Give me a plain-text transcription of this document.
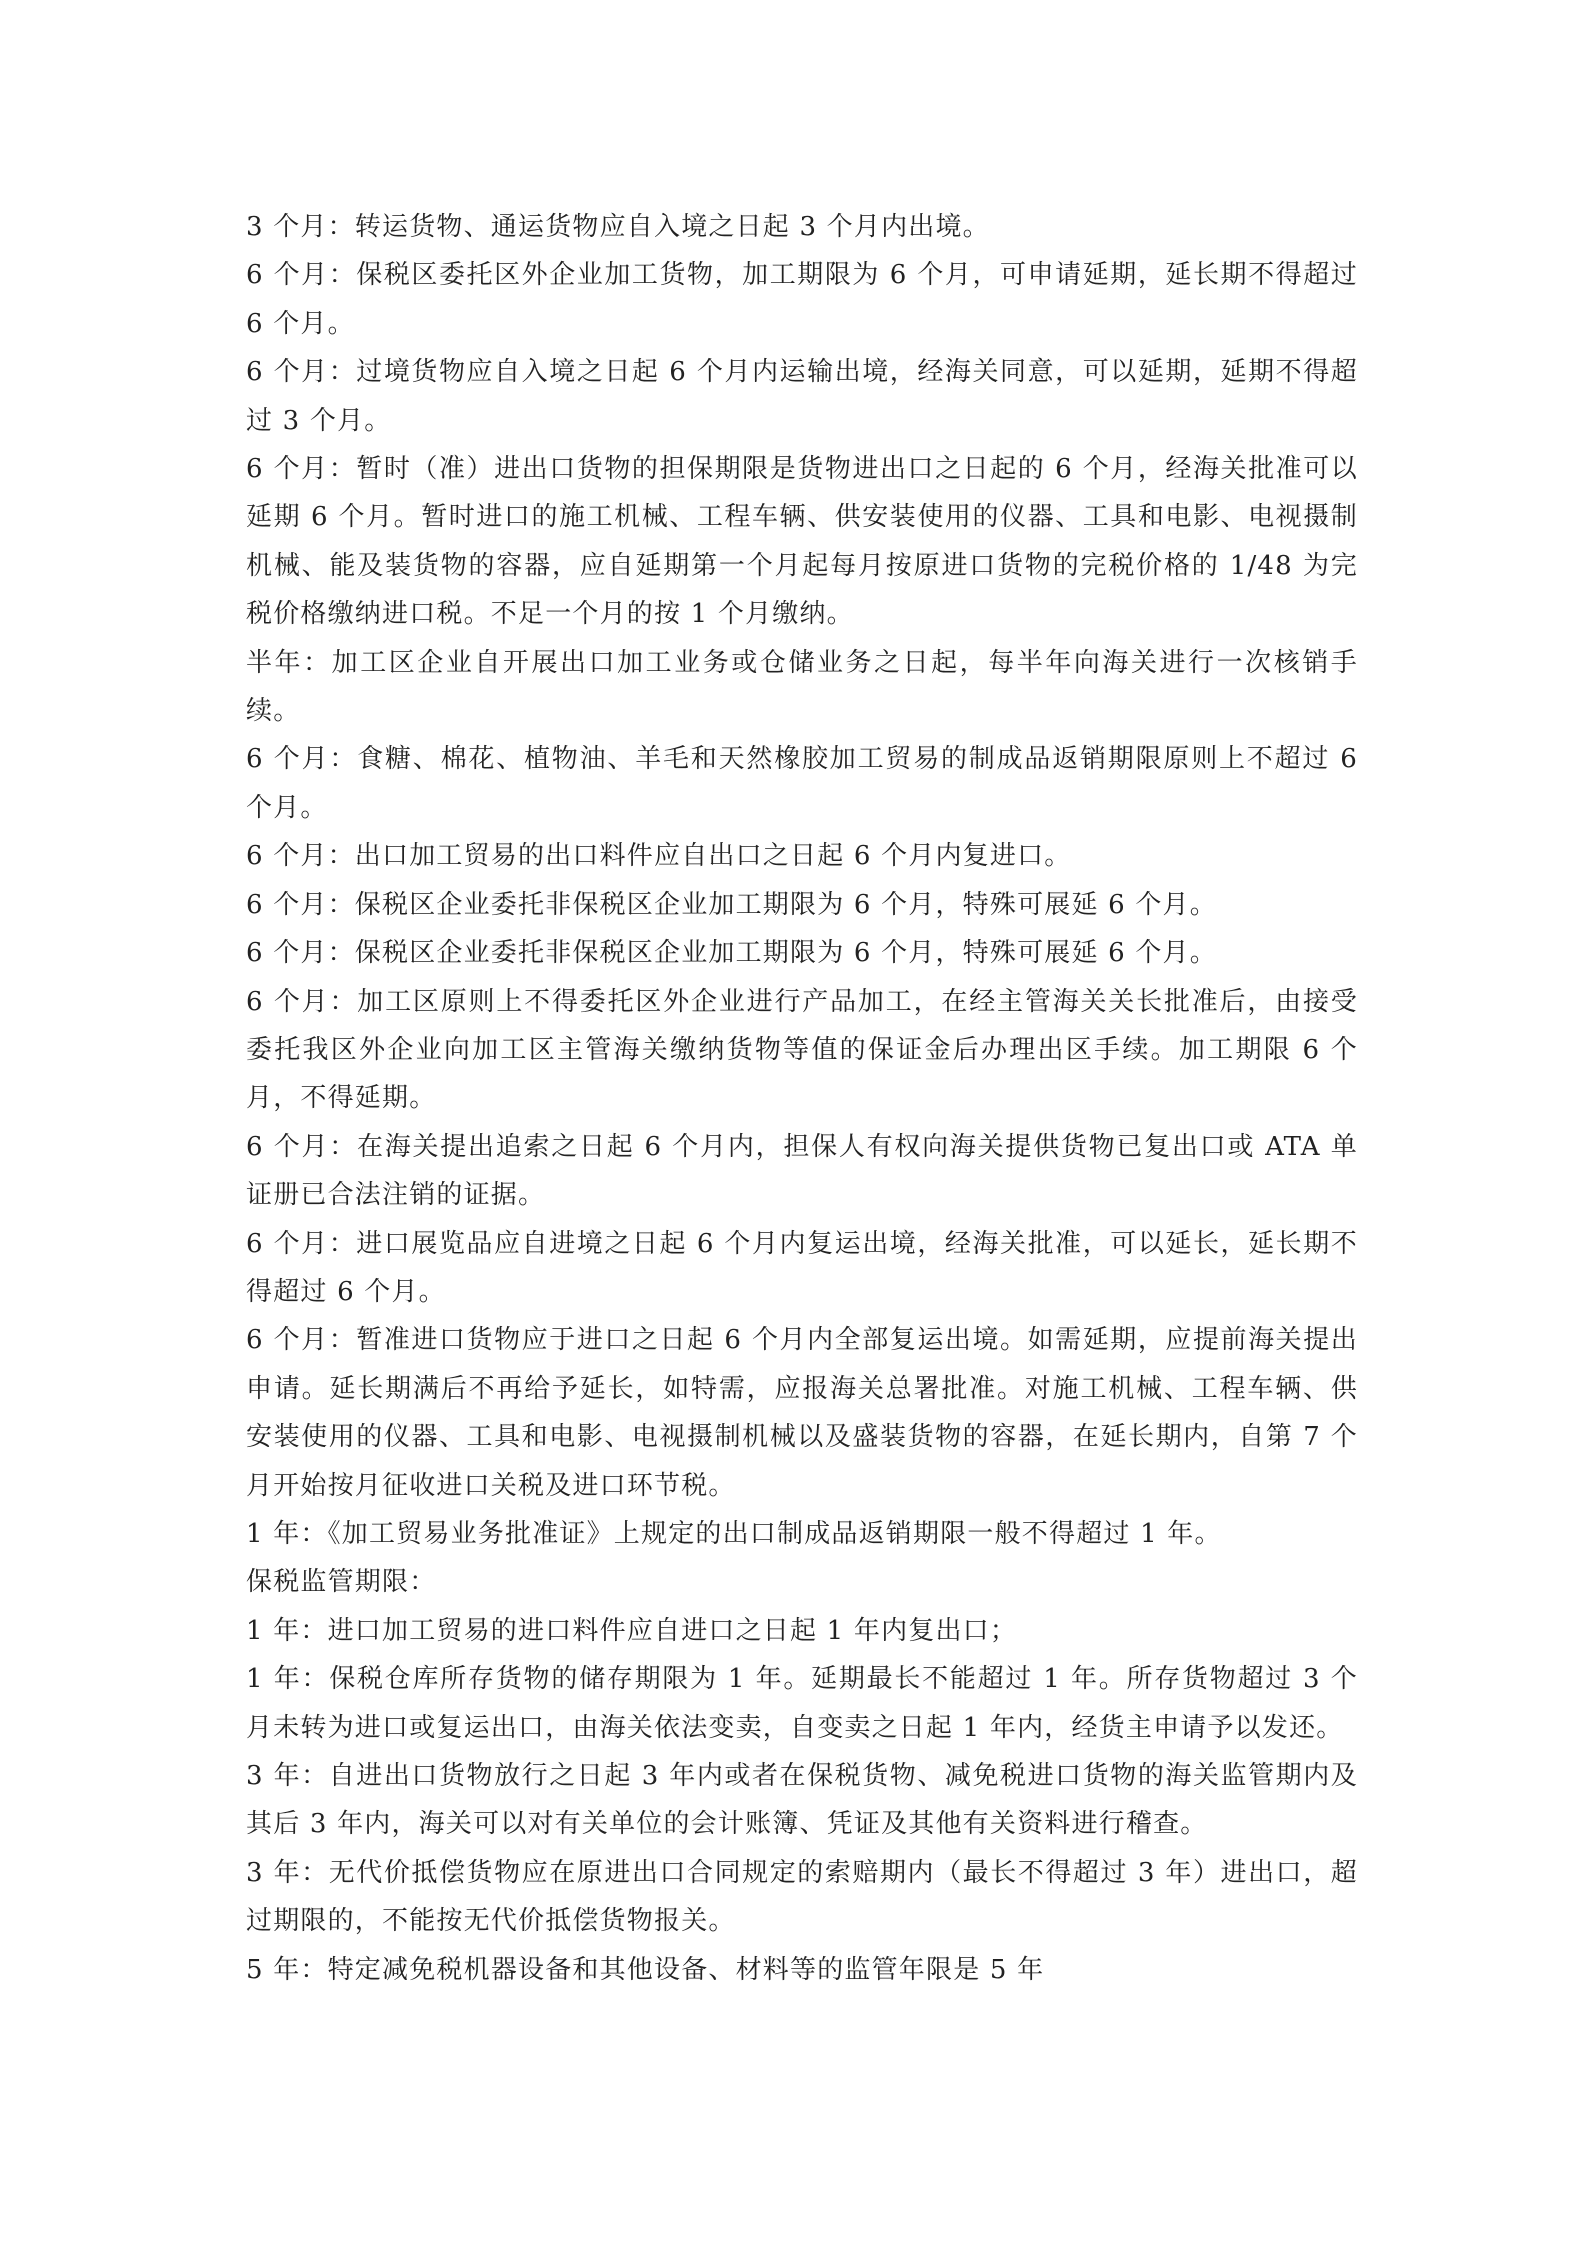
3 个月：转运货物、通运货物应自入境之日起 3 个月内出境。

6 个月：保税区委托区外企业加工货物，加工期限为 6 个月，可申请延期，延长期不得超过 6 个月。

6 个月：过境货物应自入境之日起 6 个月内运输出境，经海关同意，可以延期，延期不得超过 3 个月。

6 个月：暂时（准）进出口货物的担保期限是货物进出口之日起的 6 个月，经海关批准可以延期 6 个月。暂时进口的施工机械、工程车辆、供安装使用的仪器、工具和电影、电视摄制机械、能及装货物的容器，应自延期第一个月起每月按原进口货物的完税价格的 1/48 为完税价格缴纳进口税。不足一个月的按 1 个月缴纳。

半年：加工区企业自开展出口加工业务或仓储业务之日起，每半年向海关进行一次核销手续。

6 个月：食糖、棉花、植物油、羊毛和天然橡胶加工贸易的制成品返销期限原则上不超过 6 个月。

6 个月：出口加工贸易的出口料件应自出口之日起 6 个月内复进口。

6 个月：保税区企业委托非保税区企业加工期限为 6 个月，特殊可展延 6 个月。

6 个月：保税区企业委托非保税区企业加工期限为 6 个月，特殊可展延 6 个月。

6 个月：加工区原则上不得委托区外企业进行产品加工，在经主管海关关长批准后，由接受委托我区外企业向加工区主管海关缴纳货物等值的保证金后办理出区手续。加工期限 6 个月，不得延期。

6 个月：在海关提出追索之日起 6 个月内，担保人有权向海关提供货物已复出口或 ATA 单证册已合法注销的证据。

6 个月：进口展览品应自进境之日起 6 个月内复运出境，经海关批准，可以延长，延长期不得超过 6 个月。

6 个月：暂准进口货物应于进口之日起 6 个月内全部复运出境。如需延期，应提前海关提出申请。延长期满后不再给予延长，如特需，应报海关总署批准。对施工机械、工程车辆、供安装使用的仪器、工具和电影、电视摄制机械以及盛装货物的容器，在延长期内，自第 7 个月开始按月征收进口关税及进口环节税。

1 年：《加工贸易业务批准证》上规定的出口制成品返销期限一般不得超过 1 年。

保税监管期限：

1 年：进口加工贸易的进口料件应自进口之日起 1 年内复出口；

1 年：保税仓库所存货物的储存期限为 1 年。延期最长不能超过 1 年。所存货物超过 3 个月未转为进口或复运出口，由海关依法变卖，自变卖之日起 1 年内，经货主申请予以发还。

3 年：自进出口货物放行之日起 3 年内或者在保税货物、减免税进口货物的海关监管期内及其后 3 年内，海关可以对有关单位的会计账簿、凭证及其他有关资料进行稽查。

3 年：无代价抵偿货物应在原进出口合同规定的索赔期内（最长不得超过 3 年）进出口，超过期限的，不能按无代价抵偿货物报关。

5 年：特定减免税机器设备和其他设备、材料等的监管年限是 5 年
